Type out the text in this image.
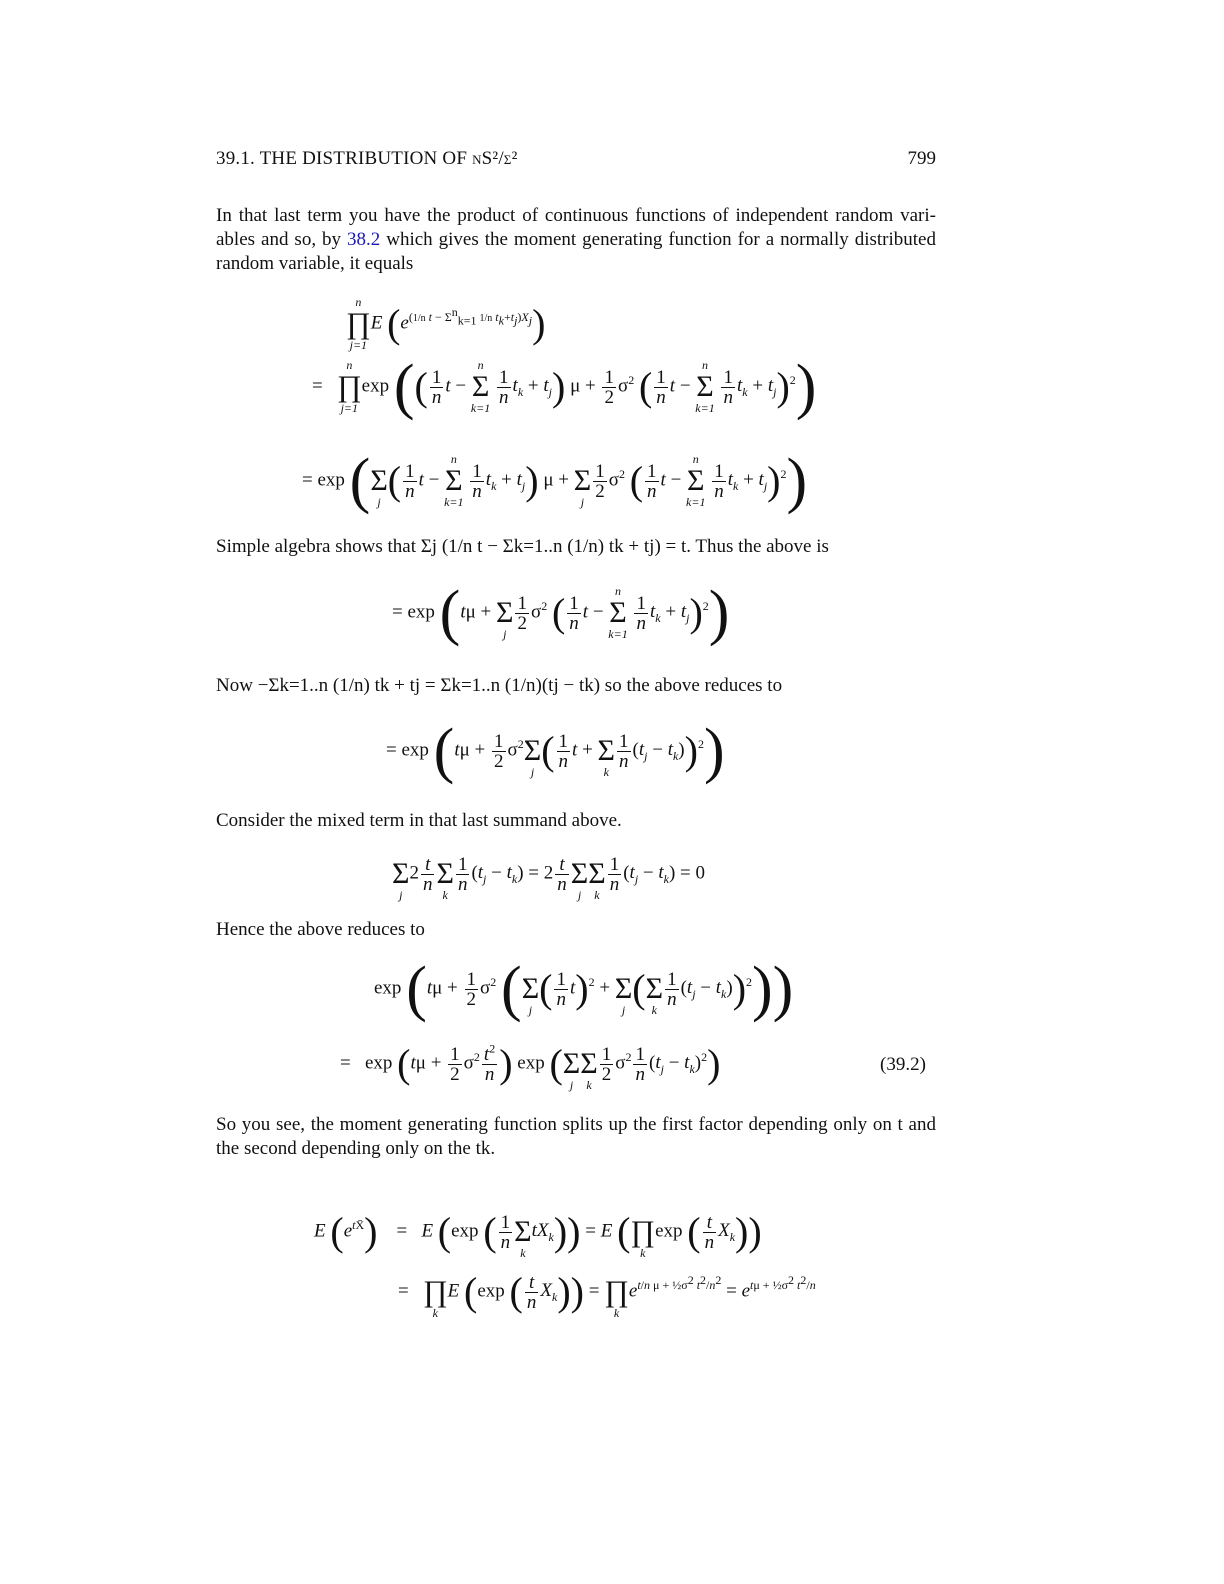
39.1. THE DISTRIBUTION OF nS²/σ²	799

In that last term you have the product of continuous functions of independent random vari-ables and so, by 38.2 which gives the moment generating function for a normally distributed random variable, it equals

n
∏
j=1
E $(e^{(1/n t - \Sigma^n_{k=1} 1/n t_k+t_j)X_j})$
=
n
∏
j=1
exp (( $\frac{1}{n}$ t −
n
Σ
k=1

$\frac{1}{n} t_k + t_j$) $\mu + \frac{1}{2} \sigma^2$ ( $\frac{1}{n}$ t −
n
Σ
k=1

$\frac{1}{n} t_k + t_j)^2$)
= exp (
Σ
j ( $\frac{1}{n}$ t −
n
Σ
k=1

$\frac{1}{n} t_k + t_j$) μ +
Σ
j
$\frac{1}{2} \sigma^2$ ( $\frac{1}{n}$ t −
n
Σ
k=1

$\frac{1}{n} t_k + t_j)^2$)

Simple algebra shows that Σj (1/n t − Σk=1..n (1/n) tk + tj) = t. Thus the above is

= exp (tμ +
Σ
j
$\frac{1}{2} \sigma^2$ ( $\frac{1}{n}$ t −
n
Σ
k=1

$\frac{1}{n} t_k + t_j)^2$)

Now −Σk=1..n (1/n) tk + tj = Σk=1..n (1/n)(tj − tk) so the above reduces to

= $\exp (t\mu + \frac{1}{2} \sigma^2$
Σ
j ( $\frac{1}{n}$ t +
Σ
k
$\frac{1}{n} (t_j - t_k))^2$)

Consider the mixed term in that last summand above.

Σ
j
$2 \frac{t}{n}$
Σ
k
$\frac{1}{n} (t_j - t_k) = 2 \frac{t}{n}$
Σ
j

Σ
k
$\frac{1}{n} (t_j - t_k) = 0$

Hence the above reduces to

$\exp (t\mu + \frac{1}{2} \sigma^2$ (
Σ
j ( $\frac{1}{n} t)^2$ +
Σ
j (
Σ
k
$\frac{1}{n} (t_j - t_k))^2$))
=   $\exp (t\mu + \frac{1}{2} \sigma^2 \frac{t^2}{n}$ ) exp (
Σ
j

Σ
k
$\frac{1}{2} \sigma^2 \frac{1}{n} (t_j - t_k)^2$)	(39.2)

So you see, the moment generating function splits up the first factor depending only on t and the second depending only on the tk.

E $(e^{tX̄})$    =   E (exp ( $\frac{1}{n}$
Σ
k
$tX_k)) = E$ (
∏
k
exp ( $\frac{t}{n} X_k$))
=
∏
k
E (exp ( $\frac{t}{n} X_k$)) =
∏
k
$e^{t/n \mu + \frac{1}{2}\sigma^2 t^2/n^2} = e^{t\mu + \frac{1}{2}\sigma^2 t^2/n}$
